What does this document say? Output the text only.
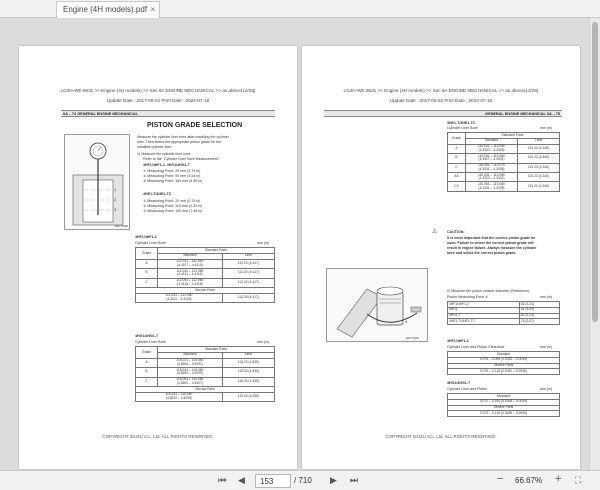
Engine (4H models).pdf ×
LG4H-WE-9631 >> Engine (4H models) >> Sec 6A ENGINE MECHANICAL >> as above(12/28)
Update Date : 2017-05-02 Print Date : 2022-07-18
6A – 74 GENERAL ENGINE MECHANICAL
PISTON GRADE SELECTION
1
2
3
6AFT1300
Measure the cylinder liner bore after installing the cylinder
liner. Then select the appropriate piston grade for the
installed cylinder liner.
1) Measure the cylinder liner bore.
Refer to the "Cylinder Liner Bore Measurement".
4HF1/4HF1-2, 4HG1/4HG1-T
① Measuring Point: 20 mm (0.79 in)
② Measuring Point: 90 mm (3.54 in)
③ Measuring Point: 160 mm (6.30 in)
4HE1-T/4HE1-TC
① Measuring Point: 20 mm (0.79 in)
② Measuring Point: 110 mm (4.33 in)
③ Measuring Point: 190 mm (7.48 in)
4HF1/4HF1-2
Cylinder Liner Bore	mm (in)
Grade	Standard Parts	
	Standard	Limit
A	112.021 – 112.040
(4.4107 – 4.4110)	112.20 (4.417)
B	112.041 – 112.050
(4.4111 – 4.4114)	112.20 (4.417)
C	112.051 – 112.060
(4.4115 – 4.4118)	112.20 (4.417)
Service Parts		

112.041 – 112.060
(4.4111 – 4.4118)		112.20 (4.417)
4HG1/4HG1-T
Cylinder Liner Bore	mm (in)
Grade	Standard Parts	
	Standard	Limit
A	115.021 – 115.040
(4.5284 – 4.5291)	115.20 (4.535)
B	115.041 – 115.060
(4.5292 – 4.5299)	115.20 (4.535)
C	115.061 – 115.080
(4.5300 – 4.5307)	115.20 (4.535)
Service Parts		

115.041 – 115.060
(4.5292 – 4.5299)		115.20 (4.535)
COPYRIGHT ISUZU Co., Ltd. ALL RIGHTS RESERVED.
LG4H-WE-9631 >> Engine (4H models) >> Sec 6A ENGINE MECHANICAL >> as above(13/28)
Update Date : 2017-05-02 Print Date : 2022-07-18
GENERAL ENGINE MECHANICAL 6A – 75
4HE1-T/4HE1-TC
Cylinder Liner Bore	mm (in)
Grade	Standard Parts	
	Standard	Limit
A	110.041 – 110.050
(4.3323 – 4.3326)	110.23 (4.340)
B	110.051 – 110.060
(4.3327 – 4.3331)	110.23 (4.340)
C	110.061 – 110.070
(4.3331 – 4.3335)	110.23 (4.340)
AX	110.041 – 110.060
(4.3323 – 4.3331)	110.23 (4.340)
CX	110.061 – 110.080
(4.3331 – 4.3339)	110.23 (4.340)
⚠	CAUTION:
It is most important that the correct piston grade be
used. Failure to select the correct piston grade will
result in engine failure. Always measure the cylinder
bore and select the correct piston grade.
4
6AFT1310
2) Measure the piston outside diameter (Reference).
Piston Measuring Point ④	mm (in)
4HF1/4HF1-2	82 (3.23)
4HG1	81 (3.09)
4HG1-T	82 (3.23)
4HE1-T/4HE1-TC	78 (3.07)
4HF1/4HF1-2
Cylinder Liner and Piston Clearance	mm (in)
Standard
0.076 – 0.098 (0.0030 – 0.0039)
Service Parts
0.076 – 0.115 (0.0030 – 0.0045)
4HG1/4HG1-T
Cylinder Liner and Piston	mm (in)
Standard
0.072 – 0.100 (0.0028 – 0.0039)
Service Parts
0.072 – 0.115 (0.0028 – 0.0045)
COPYRIGHT ISUZU Co., Ltd. ALL RIGHTS RESERVED.
⏮ ◀	153	/ 710 ▶ ⏭	− 66.67% + ⛶
